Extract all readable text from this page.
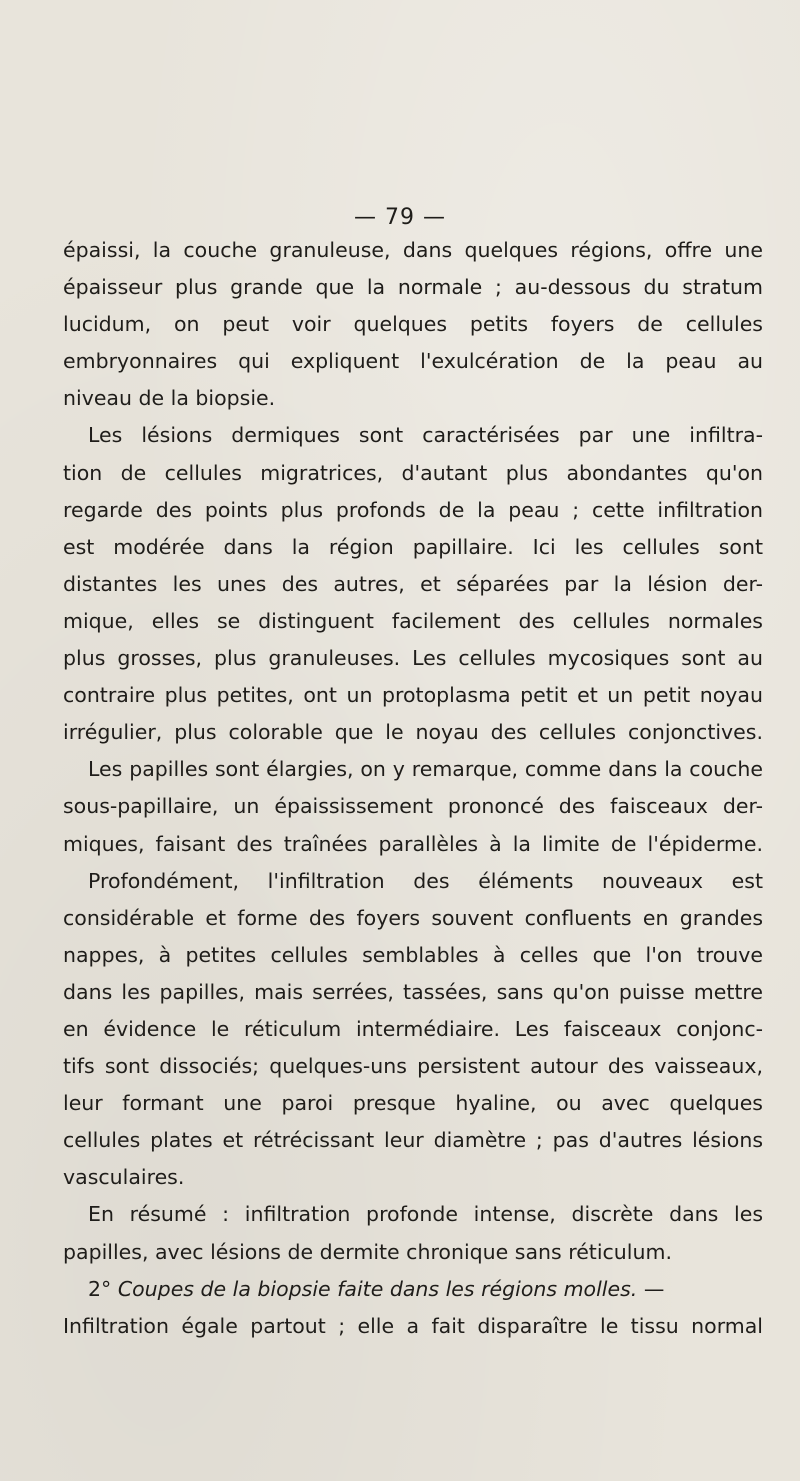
— 79 —
épaissi, la couche granuleuse, dans quelques régions, offre une
épaisseur plus grande que la normale ; au-dessous du stratum
lucidum, on peut voir quelques petits foyers de cellules
embryonnaires qui expliquent l'exulcération de la peau au
niveau de la biopsie.
Les lésions dermiques sont caractérisées par une infiltra-
tion de cellules migratrices, d'autant plus abondantes qu'on
regarde des points plus profonds de la peau ; cette infiltration
est modérée dans la région papillaire. Ici les cellules sont
distantes les unes des autres, et séparées par la lésion der-
mique, elles se distinguent facilement des cellules normales
plus grosses, plus granuleuses. Les cellules mycosiques sont au
contraire plus petites, ont un protoplasma petit et un petit noyau
irrégulier, plus colorable que le noyau des cellules conjonctives.
Les papilles sont élargies, on y remarque, comme dans la couche
sous-papillaire, un épaississement prononcé des faisceaux der-
miques, faisant des traînées parallèles à la limite de l'épiderme.
Profondément, l'infiltration des éléments nouveaux est
considérable et forme des foyers souvent confluents en grandes
nappes, à petites cellules semblables à celles que l'on trouve
dans les papilles, mais serrées, tassées, sans qu'on puisse mettre
en évidence le réticulum intermédiaire. Les faisceaux conjonc-
tifs sont dissociés; quelques-uns persistent autour des vaisseaux,
leur formant une paroi presque hyaline, ou avec quelques
cellules plates et rétrécissant leur diamètre ; pas d'autres lésions
vasculaires.
En résumé : infiltration profonde intense, discrète dans les
papilles, avec lésions de dermite chronique sans réticulum.
2° Coupes de la biopsie faite dans les régions molles. —
Infiltration égale partout ; elle a fait disparaître le tissu normal
